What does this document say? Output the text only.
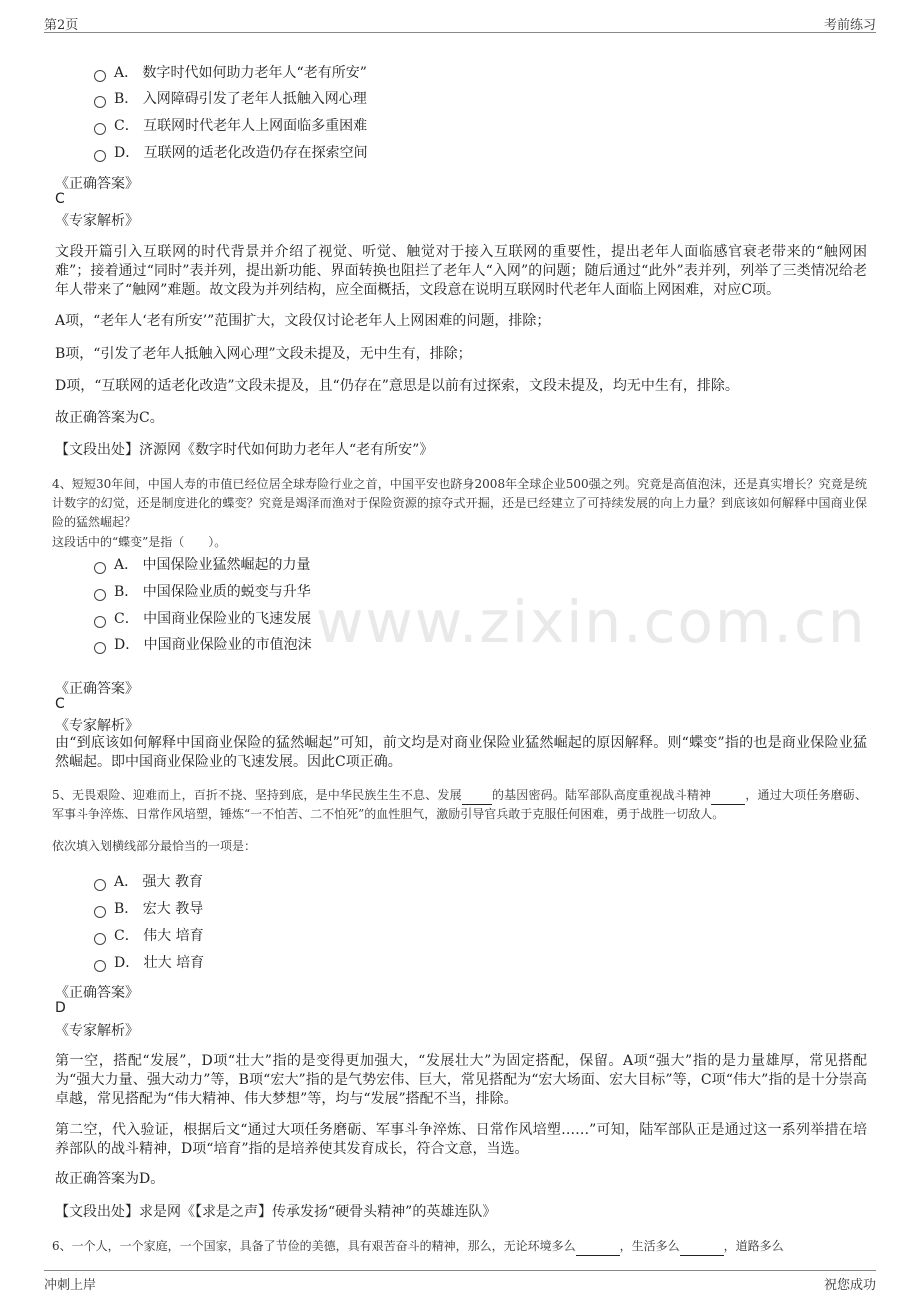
第2页	考前练习
www.zixin.com.cn
A． 数字时代如何助力老年人“老有所安”
B． 入网障碍引发了老年人抵触入网心理
C． 互联网时代老年人上网面临多重困难
D． 互联网的适老化改造仍存在探索空间
《正确答案》
C
《专家解析》
文段开篇引入互联网的时代背景并介绍了视觉、听觉、触觉对于接入互联网的重要性，提出老年人面临感官衰老带来的“触网困难”；接着通过“同时”表并列，提出新功能、界面转换也阻拦了老年人“入网”的问题；随后通过“此外”表并列，列举了三类情况给老年人带来了“触网”难题。故文段为并列结构，应全面概括，文段意在说明互联网时代老年人面临上网困难，对应C项。
A项，“老年人‘老有所安’”范围扩大，文段仅讨论老年人上网困难的问题，排除；
B项，“引发了老年人抵触入网心理”文段未提及，无中生有，排除；
D项，“互联网的适老化改造”文段未提及，且“仍存在”意思是以前有过探索，文段未提及，均无中生有，排除。
故正确答案为C。
【文段出处】济源网《数字时代如何助力老年人“老有所安”》
4、短短30年间，中国人寿的市值已经位居全球寿险行业之首，中国平安也跻身2008年全球企业500强之列。究竟是高值泡沫，还是真实增长？究竟是统计数字的幻觉，还是制度进化的蝶变？究竟是竭泽而渔对于保险资源的掠夺式开掘，还是已经建立了可持续发展的向上力量？到底该如何解释中国商业保险的猛然崛起？
这段话中的“蝶变”是指（　　）。
A． 中国保险业猛然崛起的力量
B． 中国保险业质的蜕变与升华
C． 中国商业保险业的飞速发展
D． 中国商业保险业的市值泡沫
《正确答案》
C
《专家解析》
由“到底该如何解释中国商业保险的猛然崛起”可知，前文均是对商业保险业猛然崛起的原因解释。则“蝶变”指的也是商业保险业猛然崛起。即中国商业保险业的飞速发展。因此C项正确。
5、无畏艰险、迎难而上，百折不挠、坚持到底，是中华民族生生不息、发展	的基因密码。陆军部队高度重视战斗精神	，通过大项任务磨砺、军事斗争淬炼、日常作风培塑，锤炼“一不怕苦、二不怕死”的血性胆气，激励引导官兵敢于克服任何困难，勇于战胜一切敌人。
依次填入划横线部分最恰当的一项是：
A． 强大 教育
B． 宏大 教导
C． 伟大 培育
D． 壮大 培育
《正确答案》
D
《专家解析》
第一空，搭配“发展”，D项“壮大”指的是变得更加强大，“发展壮大”为固定搭配，保留。A项“强大”指的是力量雄厚，常见搭配为“强大力量、强大动力”等，B项“宏大”指的是气势宏伟、巨大，常见搭配为“宏大场面、宏大目标”等，C项“伟大”指的是十分崇高卓越，常见搭配为“伟大精神、伟大梦想”等，均与“发展”搭配不当，排除。
第二空，代入验证，根据后文“通过大项任务磨砺、军事斗争淬炼、日常作风培塑……”可知，陆军部队正是通过这一系列举措在培养部队的战斗精神，D项“培育”指的是培养使其发育成长，符合文意，当选。
故正确答案为D。
【文段出处】求是网《【求是之声】传承发扬“硬骨头精神”的英雄连队》
6、一个人，一个家庭，一个国家，具备了节俭的美德，具有艰苦奋斗的精神，那么，无论环境多么	，生活多么	，道路多么
冲刺上岸	祝您成功
